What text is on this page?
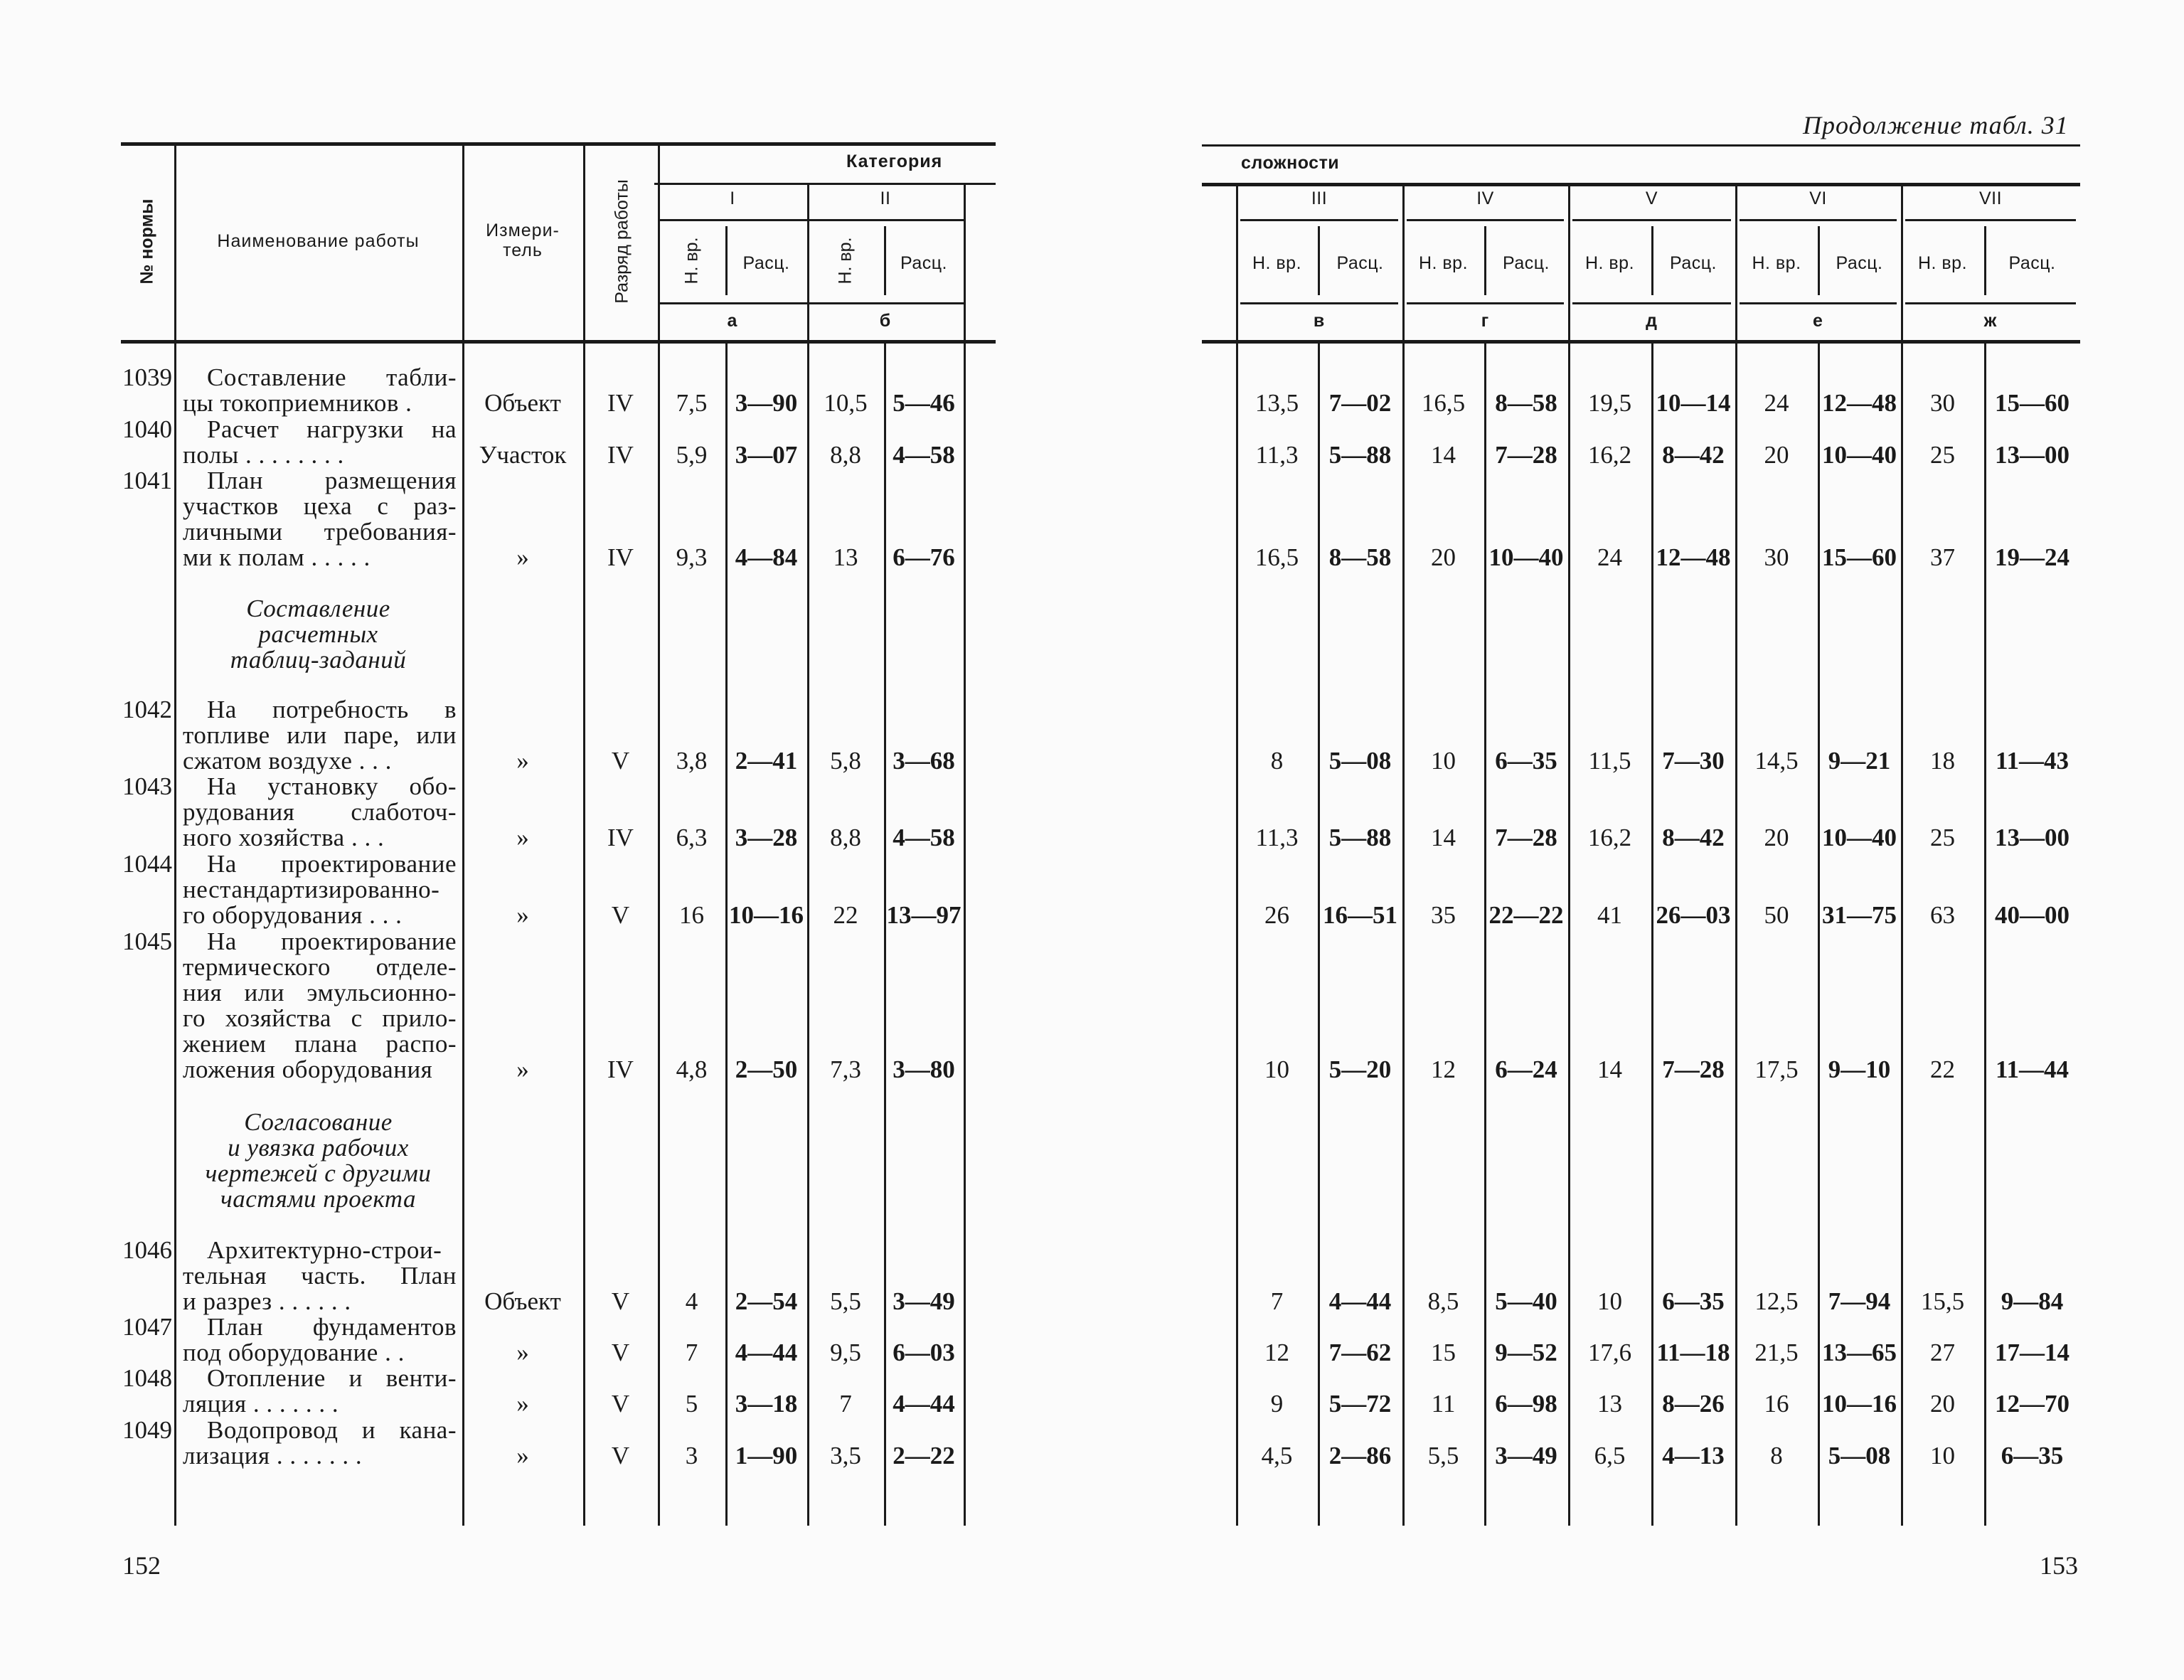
Продолжение табл. 31
№ нормы	Наименование работы
Измери-
тель	Разряд работы
Категория	сложности
I
а
Н. вр.	Расц.
II
б
Н. вр.	Расц.
III
в
Н. вр.	Расц.
IV
г
Н. вр.	Расц.
V
д
Н. вр.	Расц.
VI
е
Н. вр.	Расц.
VII
ж
Н. вр.	Расц.
Составление
расчетных
таблиц-заданий
Согласование
и увязка рабочих
чертежей с другими
частями проекта
1039	Составление табли-
цы токоприемников .	Объект	IV	7,5	3—90	10,5	5—46	13,5	7—02	16,5	8—58	19,5 10—14	24	12—48	30	15—60
1040	Расчет нагрузки на
полы . . . . . . . .	Участок	IV	5,9	3—07	8,8	4—58	11,3	5—88	14	7—28	16,2	8—42	20	10—40	25	13—00
1041	План размещения
участков цеха с раз-
личными требования-
ми к полам . . . . .	»	IV	9,3	4—84	13	6—76	16,5	8—58	20	10—40	24	12—48	30	15—60	37	19—24
1042	На потребность в
топливе или паре, или
сжатом воздухе . . .	»	V	3,8	2—41	5,8	3—68	8	5—08	10	6—35	11,5	7—30	14,5	9—21	18	11—43
1043	На установку обо-
рудования слаботоч-
ного хозяйства . . .	»	IV	6,3	3—28	8,8	4—58	11,3	5—88	14	7—28	16,2	8—42	20	10—40	25	13—00
1044	На проектирование
нестандартизированно-
го оборудования . . .	»	V	16	10—16	22	13—97	26	16—51	35	22—22	41	26—03	50	31—75	63	40—00
1045	На проектирование
термического отделе-
ния или эмульсионно-
го хозяйства с прило-
жением плана распо-
ложения оборудования	»	IV	4,8	2—50	7,3	3—80	10	5—20	12	6—24	14	7—28	17,5	9—10	22	11—44
1046	Архитектурно-строи-
тельная часть. План
и разрез . . . . . .	Объект	V	4	2—54	5,5	3—49	7	4—44	8,5	5—40	10	6—35	12,5	7—94	15,5	9—84
1047	План фундаментов
под оборудование . .	»	V	7	4—44	9,5	6—03	12	7—62	15	9—52	17,6	11—18 21,5 13—65	27	17—14
1048	Отопление и венти-
ляция . . . . . . .	»	V	5	3—18	7	4—44	9	5—72	11	6—98	13	8—26	16	10—16	20	12—70
1049	Водопровод и кана-
лизация . . . . . . .	»	V	3	1—90	3,5	2—22	4,5	2—86	5,5	3—49	6,5	4—13	8	5—08	10	6—35
152	153
